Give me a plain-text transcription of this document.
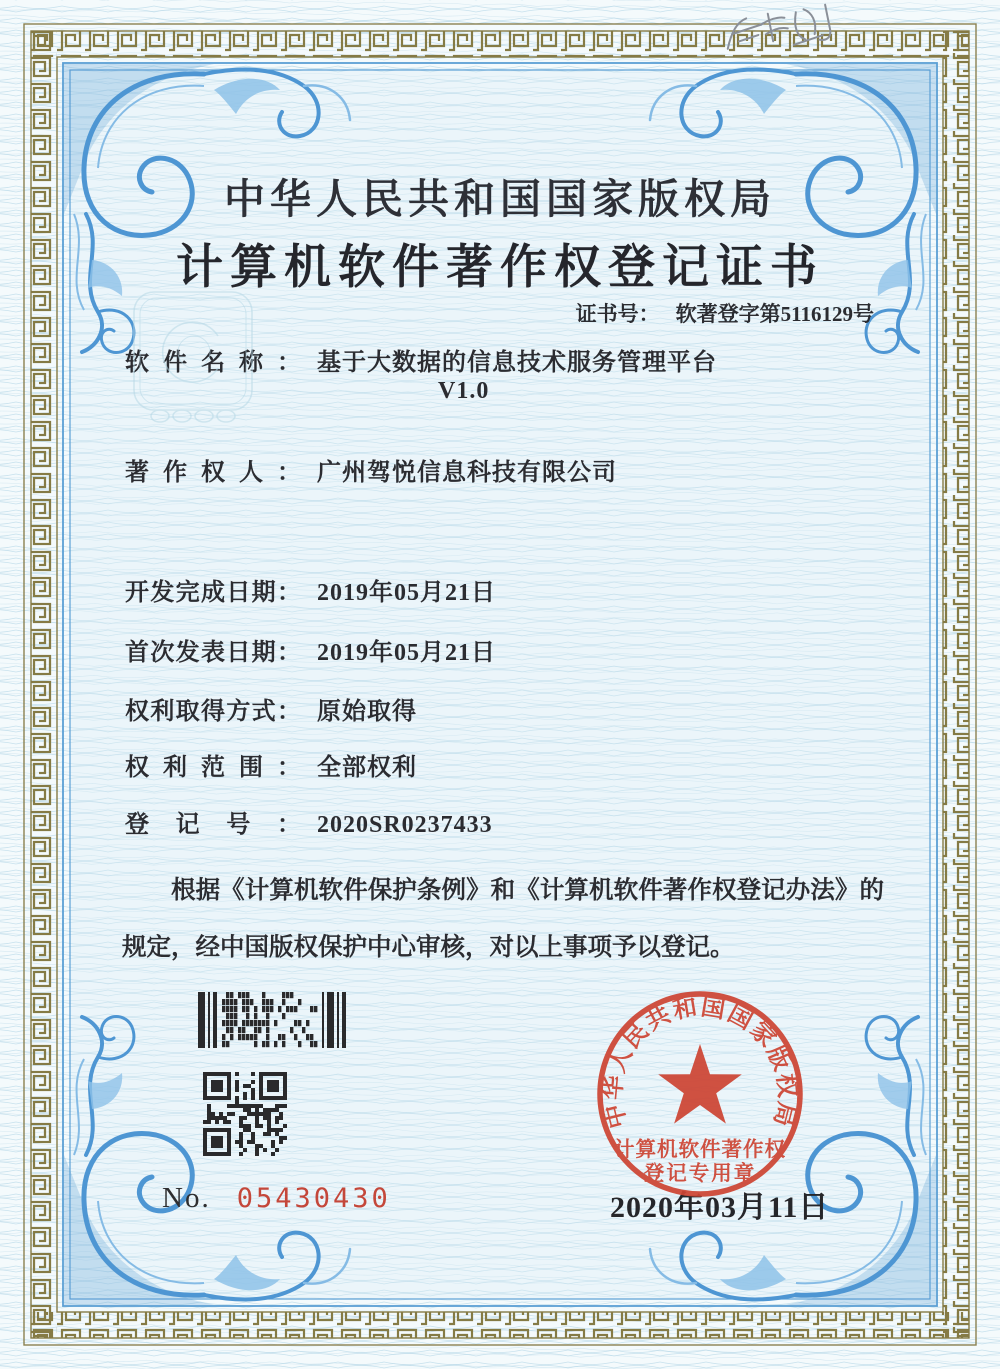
中华人民共和国国家版权局
计算机软件著作权登记证书
证书号： 软著登字第5116129号
软件名称： 基于大数据的信息技术服务管理平台
V1.0
著作权人： 广州驾悦信息科技有限公司
开发完成日期： 2019年05月21日
首次发表日期： 2019年05月21日
权利取得方式： 原始取得
权利范围： 全部权利
登记号： 2020SR0237433
根据《计算机软件保护条例》和《计算机软件著作权登记办法》的规定，经中国版权保护中心审核，对以上事项予以登记。
No. 05430430	2020年03月11日
中华人民共和国国家版权局
计算机软件著作权
登记专用章
